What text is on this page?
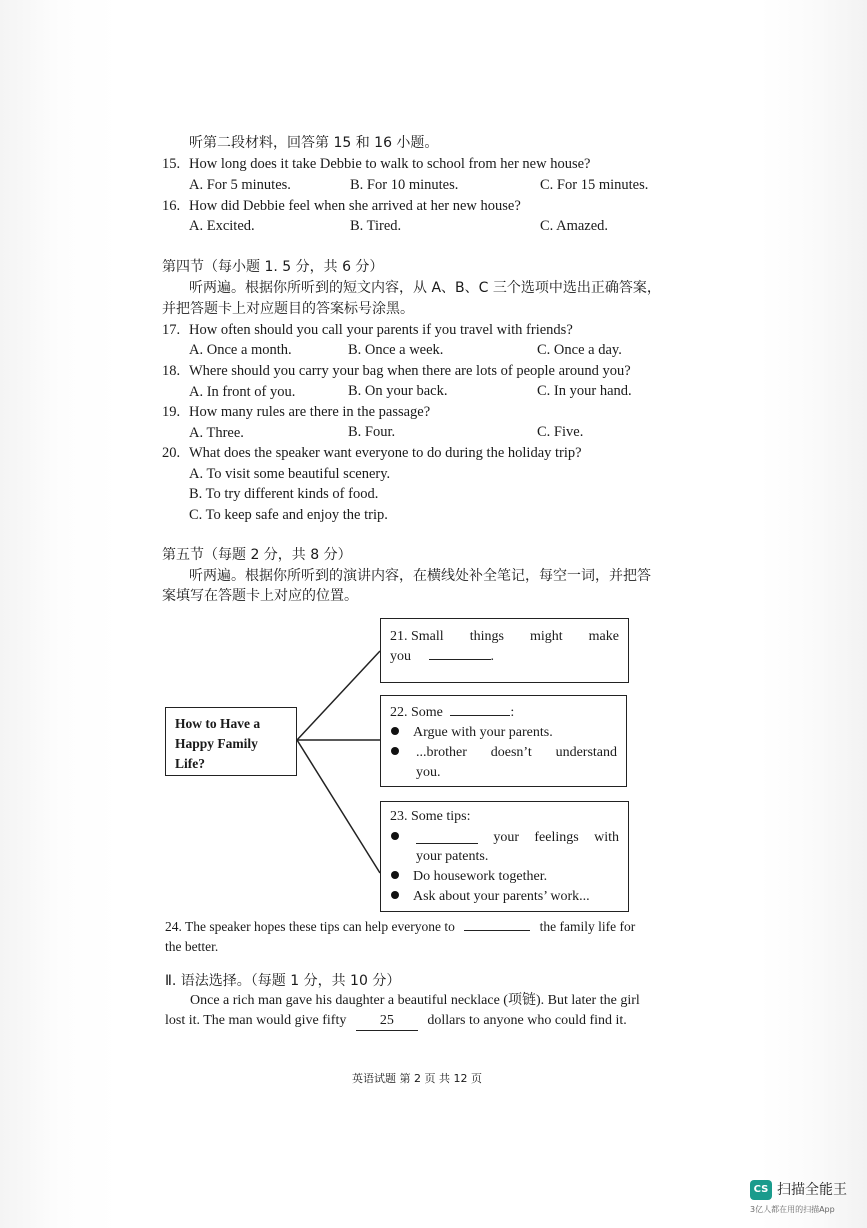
听第二段材料，回答第 15 和 16 小题。
15. How long does it take Debbie to walk to school from her new house?
A. For 5 minutes.	B. For 10 minutes.	C. For 15 minutes.
16. How did Debbie feel when she arrived at her new house?
A. Excited.	B. Tired.	C. Amazed.
第四节（每小题 1. 5 分，共 6 分）
听两遍。根据你所听到的短文内容，从 A、B、C 三个选项中选出正确答案，
并把答题卡上对应题目的答案标号涂黑。
17. How often should you call your parents if you travel with friends?
A. Once a month.	B. Once a week.	C. Once a day.
18. Where should you carry your bag when there are lots of people around you?
A. In front of you.	B. On your back.	C. In your hand.
19. How many rules are there in the passage?
A. Three.	B. Four.	C. Five.
20. What does the speaker want everyone to do during the holiday trip?
A. To visit some beautiful scenery.
B. To try different kinds of food.
C. To keep safe and enjoy the trip.
第五节（每题 2 分，共 8 分）
听两遍。根据你所听到的演讲内容，在横线处补全笔记，每空一词，并把答
案填写在答题卡上对应的位置。
How to Have a
Happy Family
Life?
21. Small things might make
you	.
22. Some	:
Argue with your parents.
...brother doesn’t understand
you.
23. Some tips:
your feelings with
your patents.
Do housework together.
Ask about your parents’ work...
24. The speaker hopes these tips can help everyone to	the family life for
the better.
Ⅱ. 语法选择。（每题 1 分，共 10 分）
Once a rich man gave his daughter a beautiful necklace (项链). But later the girl
lost it. The man would give fifty 25 dollars to anyone who could find it.
英语试题 第 2 页 共 12 页
CS 扫描全能王
3亿人都在用的扫描App
